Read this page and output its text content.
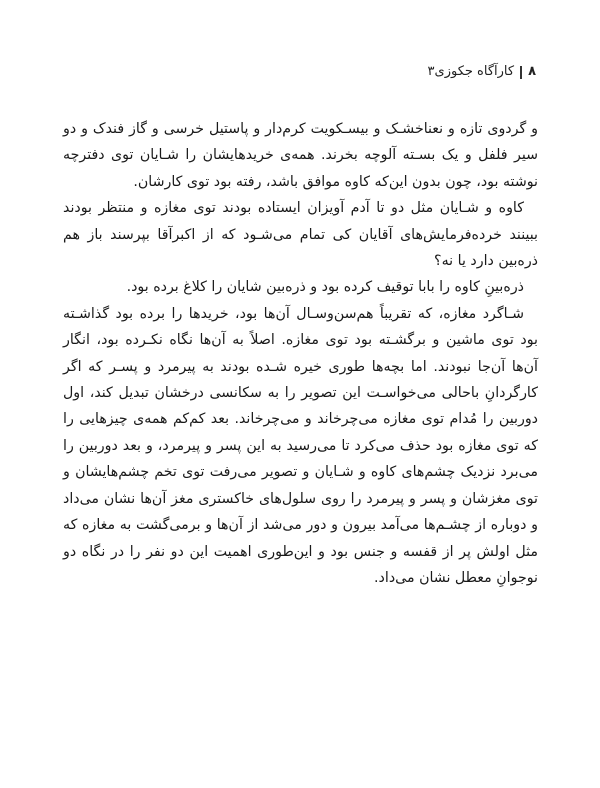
۸
کارآگاه جکوزی۳

و گردوی تازه و نعناخشـک و بیسـکویت کرم‌دار و پاستیل خرسی و گاز فندک و دو سیر فلفل و یک بسـته آلوچه بخرند. همه‌ی خریدهایشان را شـایان توی دفترچه نوشته بود، چون بدون این‌که کاوه موافق باشد، رفته بود توی کارشان.

کاوه و شـایان مثل دو تا آدم آویزان ایستاده بودند توی مغازه و منتظر بودند ببینند خرده‌فرمایش‌های آقایان کی تمام می‌شـود که از اکبرآقا بپرسند باز هم ذره‌بین دارد یا نه؟

ذره‌بینِ کاوه را بابا توقیف کرده بود و ذره‌بین شایان را کلاغ برده بود.

شـاگرد مغازه، که تقریباً هم‌سن‌وسـال آن‌ها بود، خریدها را برده بود گذاشـته بود توی ماشین و برگشـته بود توی مغازه. اصلاً به آن‌ها نگاه نکـرده بود، انگار آن‌ها آن‌جا نبودند. اما بچه‌ها طوری خیره شـده بودند به پیرمرد و پسـر که اگر کارگردانِ باحالی می‌خواسـت این تصویر را به سکانسی درخشان تبدیل کند، اول دوربین را مُدام توی مغازه می‌چرخاند و می‌چرخاند. بعد کم‌کم همه‌ی چیزهایی را که توی مغازه بود حذف می‌کرد تا می‌رسید به این پسر و پیرمرد، و بعد دوربین را می‌برد نزدیک چشم‌های کاوه و شـایان و تصویر می‌رفت توی تخم چشم‌هایشان و توی مغزشان و پسر و پیرمرد را روی سلول‌های خاکستری مغز آن‌ها نشان می‌داد و دوباره از چشـم‌ها می‌آمد بیرون و دور می‌شد از آن‌ها و برمی‌گشت به مغازه که مثل اولش پر از قفسه و جنس بود و این‌طوری اهمیت این دو نفر را در نگاه دو نوجوانِ معطل نشان می‌داد.
